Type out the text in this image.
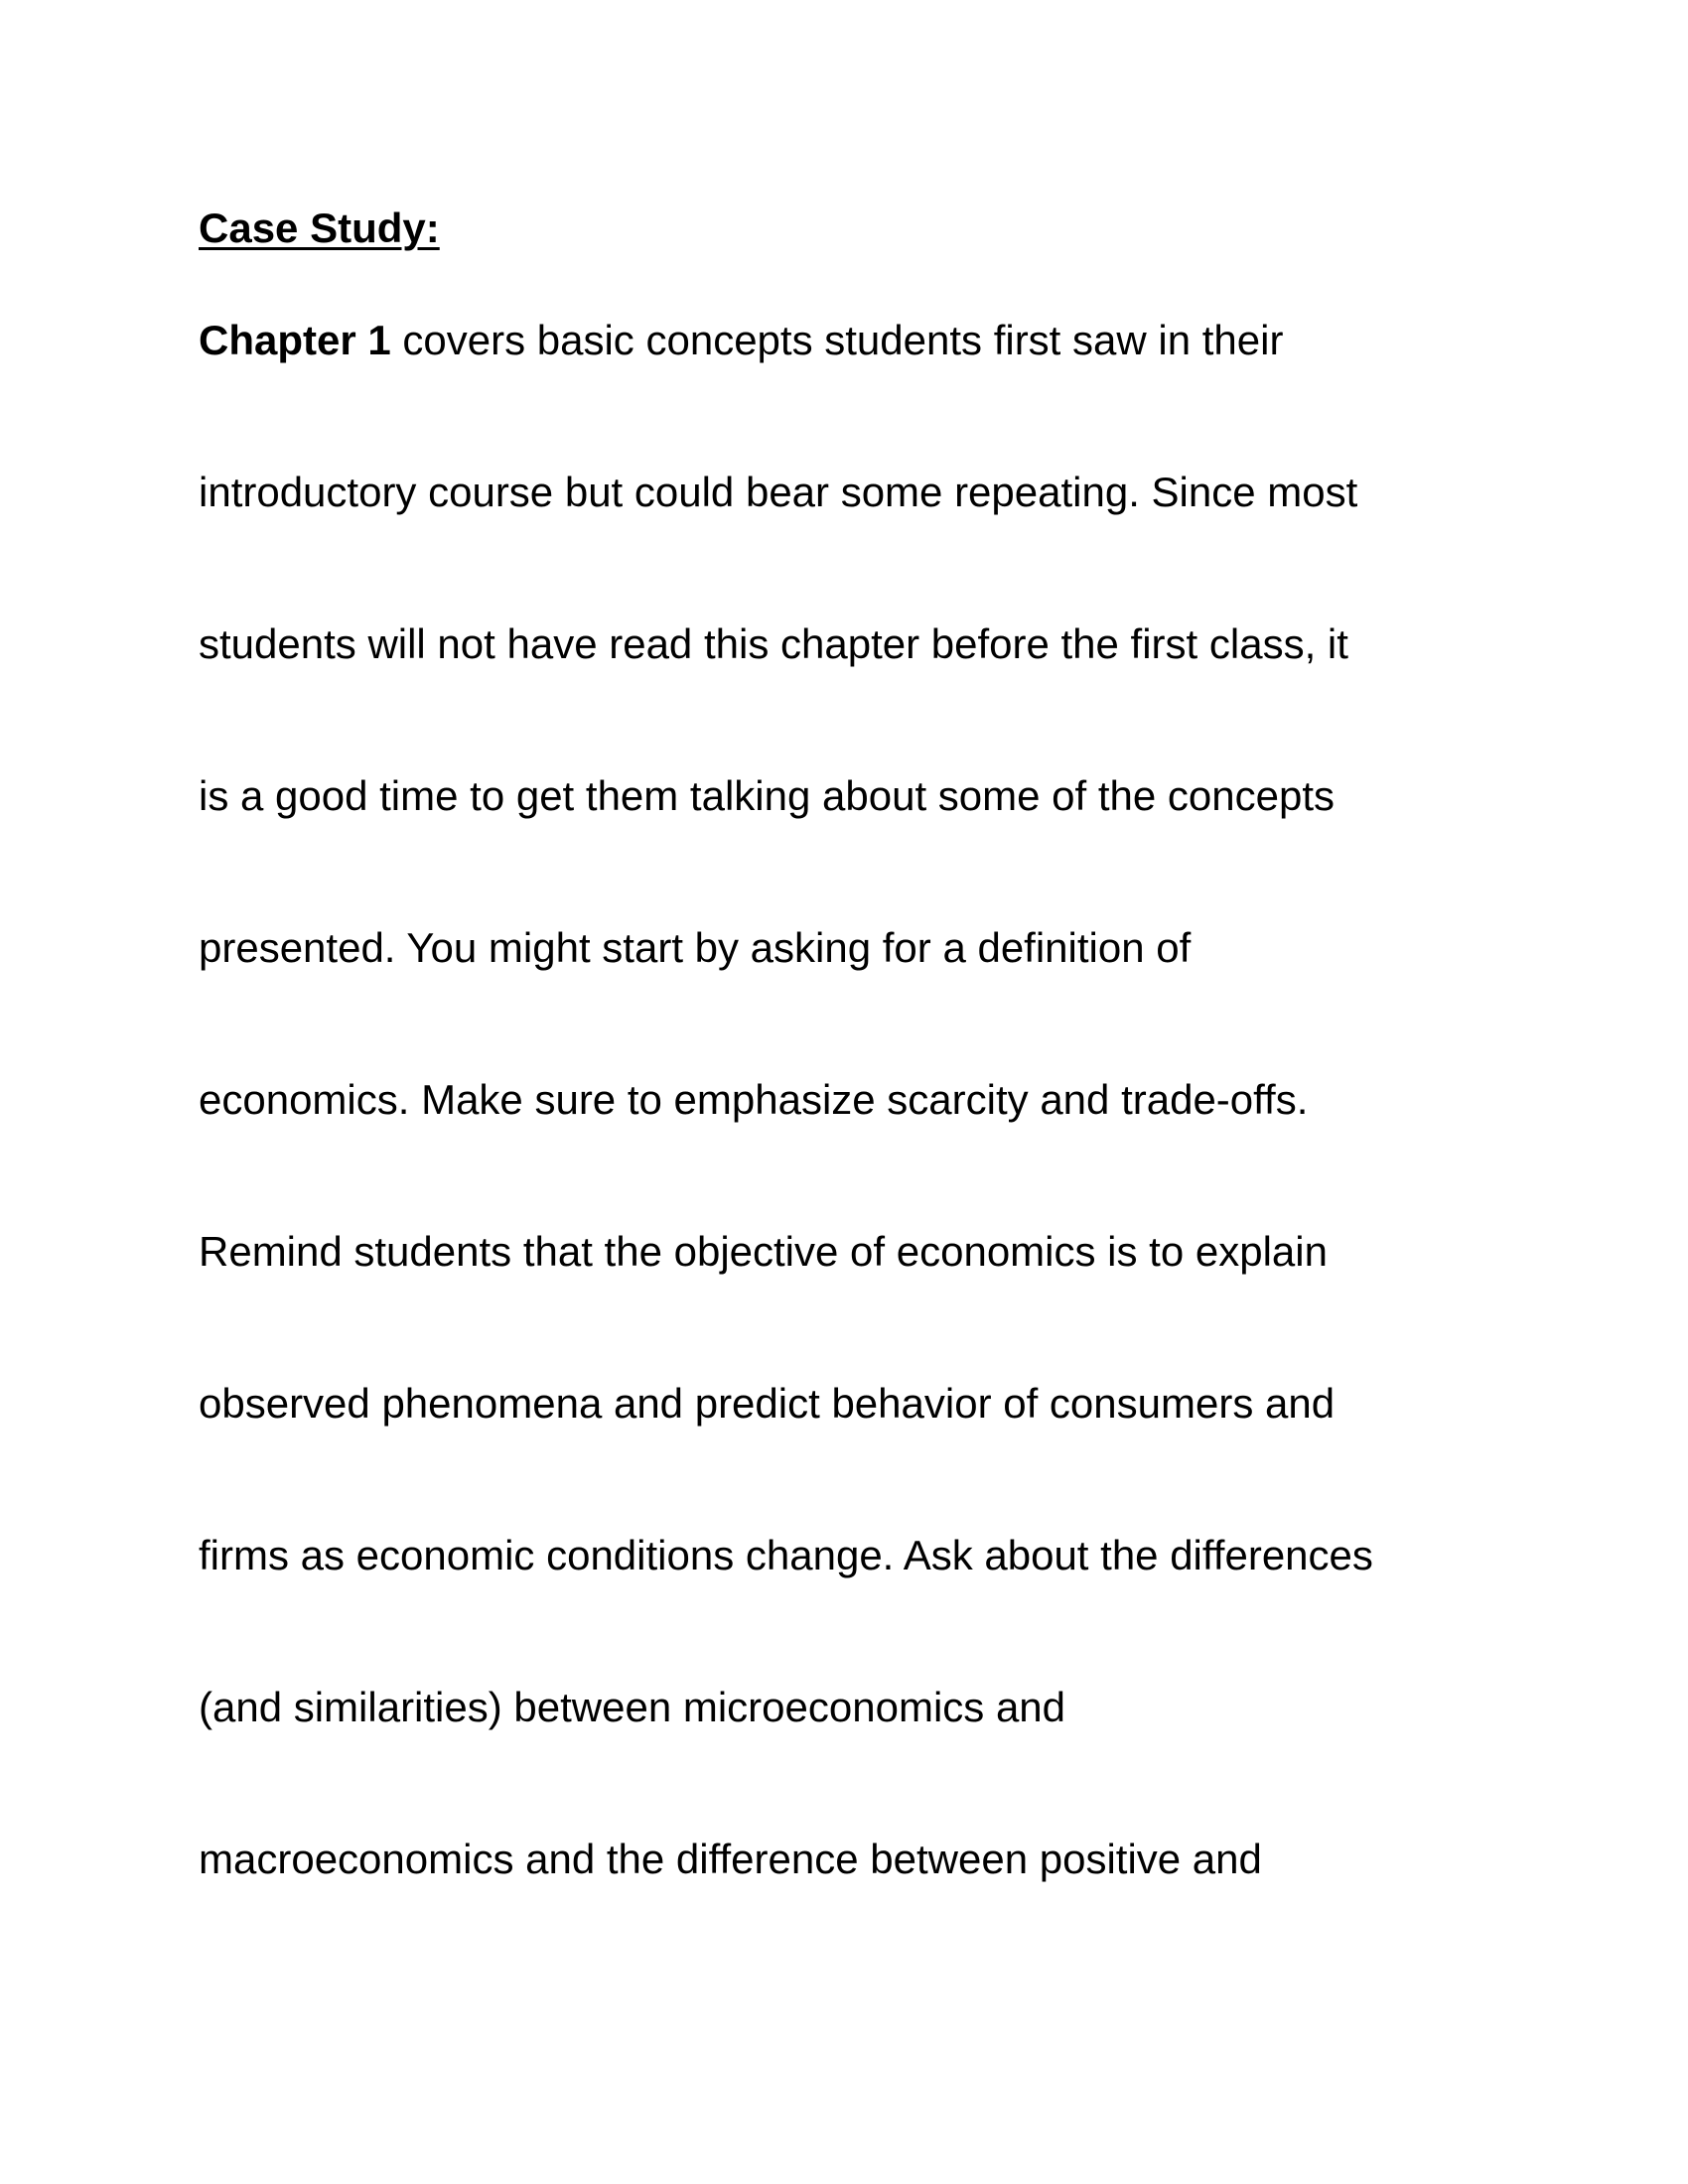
Case Study:

Chapter 1 covers basic concepts students first saw in their

introductory course but could bear some repeating. Since most

students will not have read this chapter before the first class, it

is a good time to get them talking about some of the concepts

presented. You might start by asking for a definition of

economics. Make sure to emphasize scarcity and trade-offs.

Remind students that the objective of economics is to explain

observed phenomena and predict behavior of consumers and

firms as economic conditions change. Ask about the differences

(and similarities) between microeconomics and

macroeconomics and the difference between positive and
